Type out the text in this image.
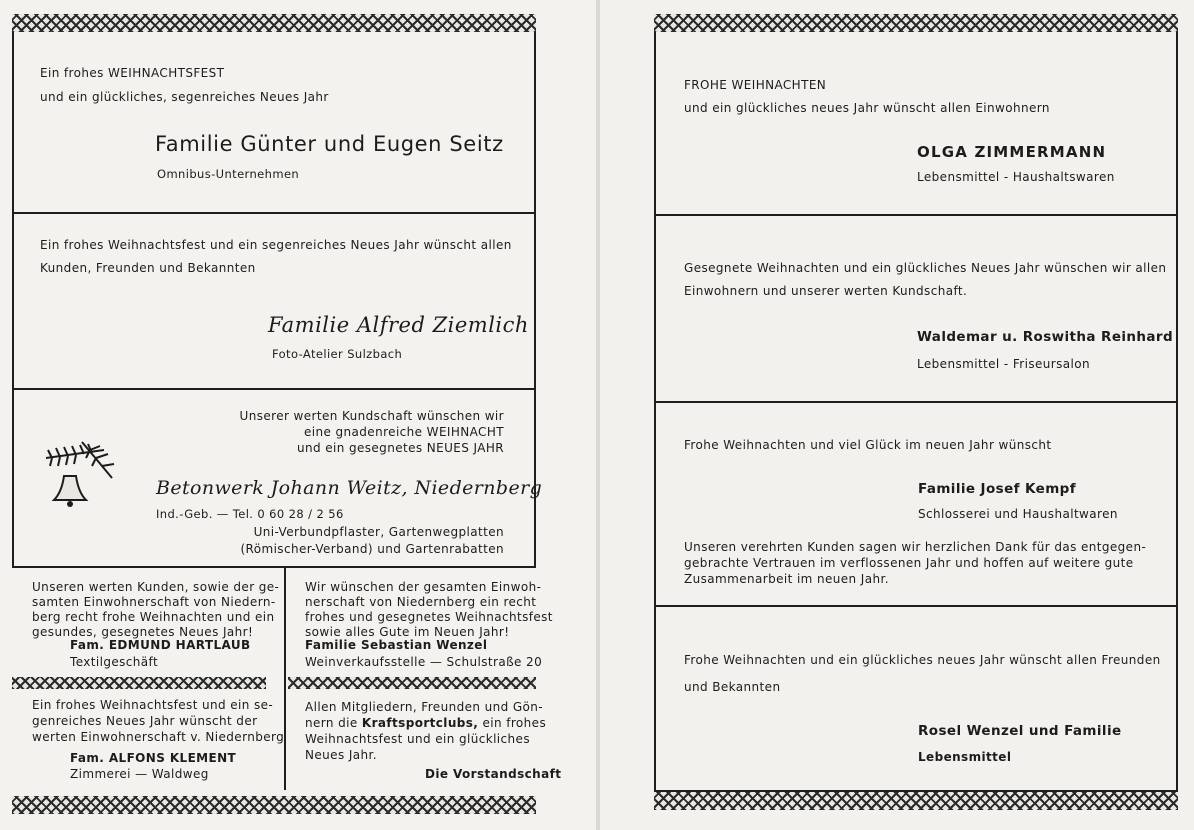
Ein frohes WEIHNACHTSFEST
und ein glückliches, segenreiches Neues Jahr
Familie Günter und Eugen Seitz
Omnibus-Unternehmen
Ein frohes Weihnachtsfest und ein segenreiches Neues Jahr wünscht allen
Kunden, Freunden und Bekannten
Familie Alfred Ziemlich
Foto-Atelier Sulzbach
Unserer werten Kundschaft wünschen wir
eine gnadenreiche WEIHNACHT
und ein gesegnetes NEUES JAHR
Betonwerk Johann Weitz, Niedernberg
Ind.-Geb. — Tel. 0 60 28 / 2 56
Uni-Verbundpflaster, Gartenwegplatten
(Römischer-Verband) und Gartenrabatten
Unseren werten Kunden, sowie der ge-
samten Einwohnerschaft von Niedern-
berg recht frohe Weihnachten und ein
gesundes, gesegnetes Neues Jahr!
Fam. EDMUND HARTLAUB
Textilgeschäft
Wir wünschen der gesamten Einwoh-
nerschaft von Niedernberg ein recht
frohes und gesegnetes Weihnachtsfest
sowie alles Gute im Neuen Jahr!
Familie Sebastian Wenzel
Weinverkaufsstelle — Schulstraße 20
Ein frohes Weihnachtsfest und ein se-
genreiches Neues Jahr wünscht der
werten Einwohnerschaft v. Niedernberg
Fam. ALFONS KLEMENT
Zimmerei — Waldweg
Allen Mitgliedern, Freunden und Gön-
nern die Kraftsportclubs, ein frohes
Weihnachtsfest und ein glückliches
Neues Jahr.
Die Vorstandschaft
FROHE WEIHNACHTEN
und ein glückliches neues Jahr wünscht allen Einwohnern
OLGA ZIMMERMANN
Lebensmittel - Haushaltswaren
Gesegnete Weihnachten und ein glückliches Neues Jahr wünschen wir allen
Einwohnern und unserer werten Kundschaft.
Waldemar u. Roswitha Reinhard
Lebensmittel - Friseursalon
Frohe Weihnachten und viel Glück im neuen Jahr wünscht
Familie Josef Kempf
Schlosserei und Haushaltwaren
Unseren verehrten Kunden sagen wir herzlichen Dank für das entgegen-
gebrachte Vertrauen im verflossenen Jahr und hoffen auf weitere gute
Zusammenarbeit im neuen Jahr.
Frohe Weihnachten und ein glückliches neues Jahr wünscht allen Freunden
und Bekannten
Rosel Wenzel und Familie
Lebensmittel
